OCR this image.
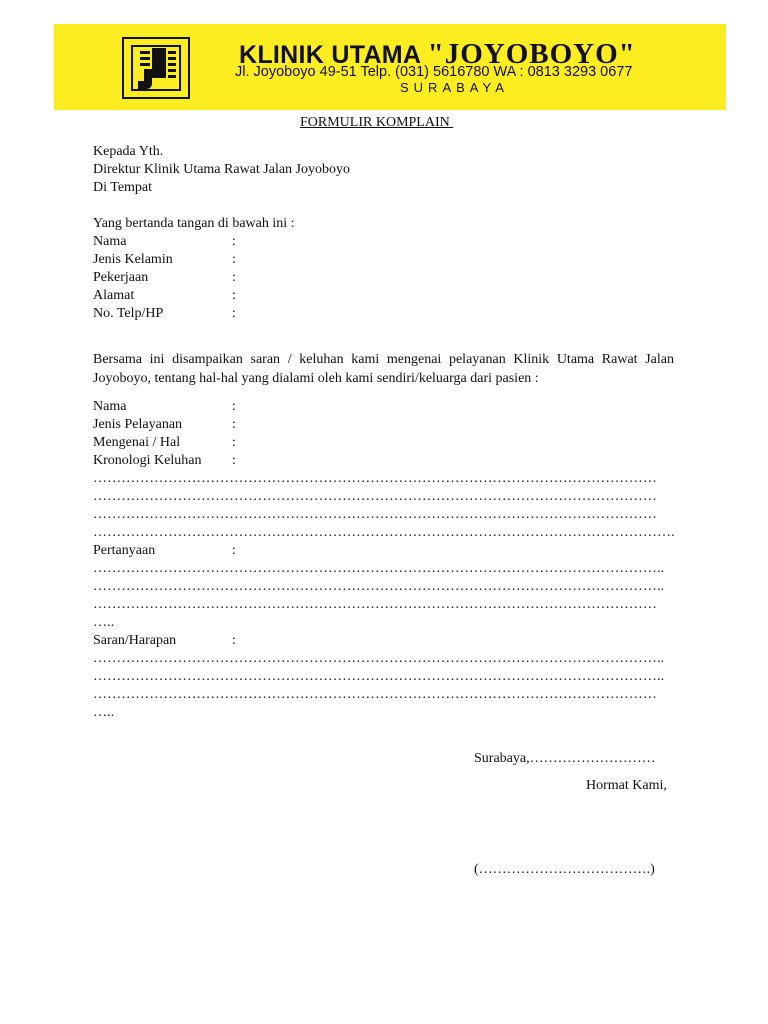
KLINIK UTAMA "JOYOBOYO"
Jl. Joyoboyo 49-51 Telp. (031) 5616780 WA : 0813 3293 0677
SURABAYA
FORMULIR KOMPLAIN
Kepada Yth.
Direktur Klinik Utama Rawat Jalan Joyoboyo
Di Tempat
Yang bertanda tangan di bawah ini :
Nama	:
Jenis Kelamin	:
Pekerjaan	:
Alamat	:
No. Telp/HP	:
Bersama ini disampaikan saran / keluhan kami mengenai pelayanan Klinik Utama Rawat Jalan Joyoboyo, tentang hal-hal yang dialami oleh kami sendiri/keluarga dari pasien :
Nama	:
Jenis Pelayanan	:
Mengenai / Hal	:
Kronologi Keluhan :
…………………………………………………………………………………………………………
…………………………………………………………………………………………………………
…………………………………………………………………………………………………………
…………………………………………………………………………………………………………….
Pertanyaan	:
…………………………………………………………………………………………………………..
…………………………………………………………………………………………………………..
…………………………………………………………………………………………………………
…..
Saran/Harapan	:
…………………………………………………………………………………………………………..
…………………………………………………………………………………………………………..
…………………………………………………………………………………………………………
…..
Surabaya,………………………
Hormat Kami,
(……………………………….)
